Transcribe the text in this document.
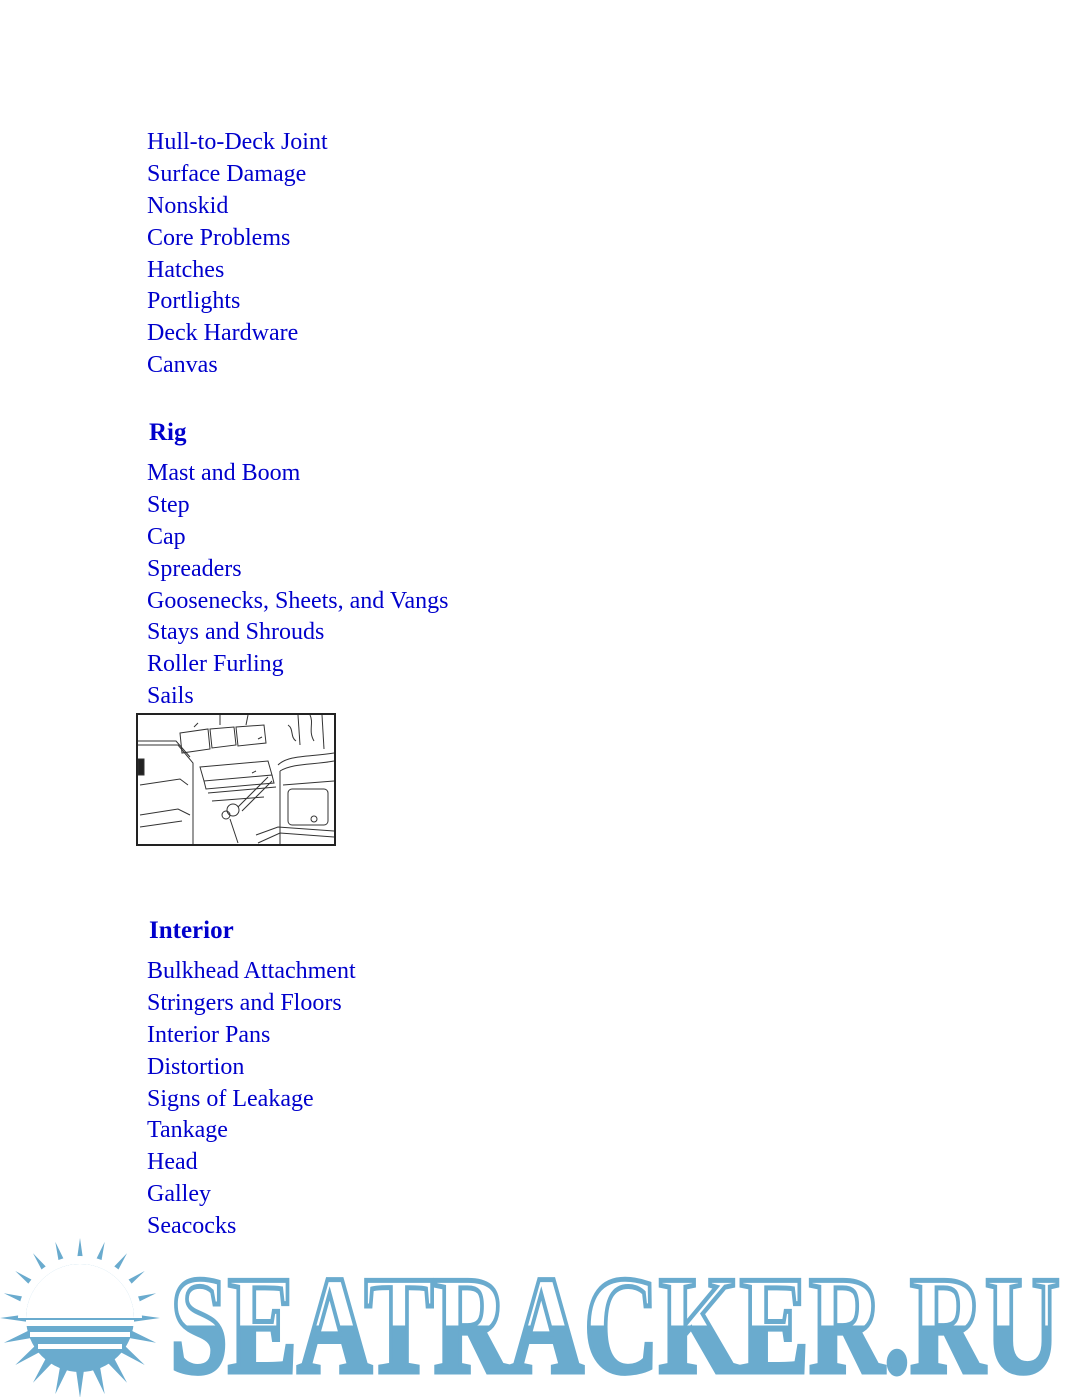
Hull-to-Deck Joint
Surface Damage
Nonskid
Core Problems
Hatches
Portlights
Deck Hardware
Canvas
Rig
Mast and Boom
Step
Cap
Spreaders
Goosenecks, Sheets, and Vangs
Stays and Shrouds
Roller Furling
Sails
Interior
Bulkhead Attachment
Stringers and Floors
Interior Pans
Distortion
Signs of Leakage
Tankage
Head
Galley
Seacocks
SEATRACKER.RU
